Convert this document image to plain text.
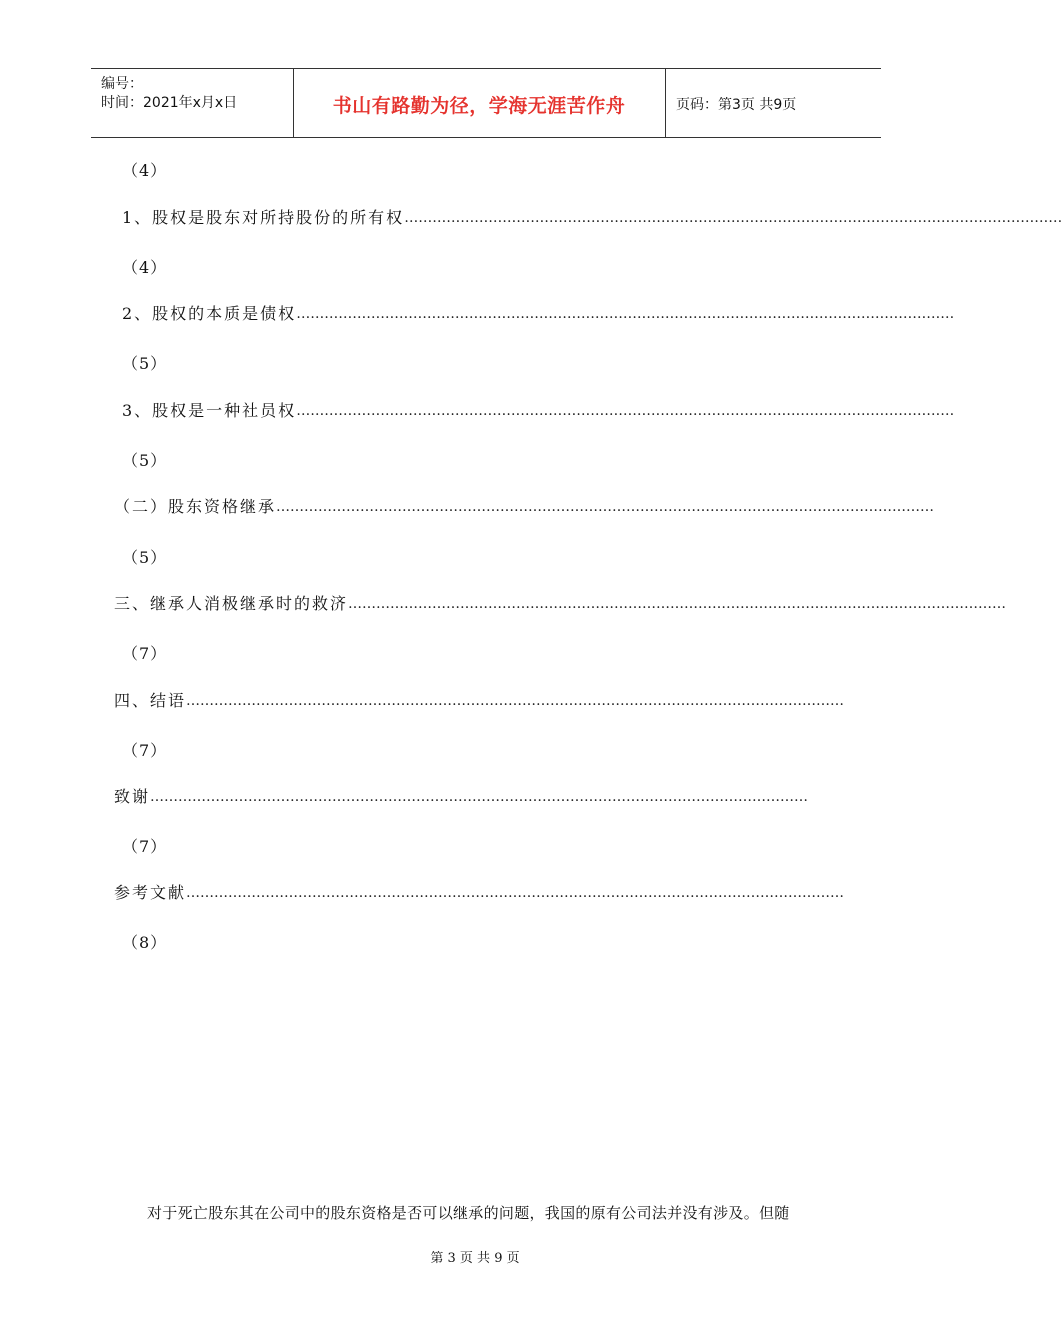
编号：
时间：2021年x月x日	书山有路勤为径，学海无涯苦作舟	页码：第3页 共9页
（4）
1、股权是股东对所持股份的所有权 ……………………………………………………………………………………………………………………………
（4）
2、股权的本质是债权 ……………………………………………………………………………………………………………………………
（5）
3、股权是一种社员权 ……………………………………………………………………………………………………………………………
（5）
（二）股东资格继承 ……………………………………………………………………………………………………………………………
（5）
三、继承人消极继承时的救济 ……………………………………………………………………………………………………………………………
（7）
四、结语 ……………………………………………………………………………………………………………………………
（7）
致谢 ……………………………………………………………………………………………………………………………
（7）
参考文献 ……………………………………………………………………………………………………………………………
（8）
对于死亡股东其在公司中的股东资格是否可以继承的问题，我国的原有公司法并没有涉及。但随
第 3 页 共 9 页
